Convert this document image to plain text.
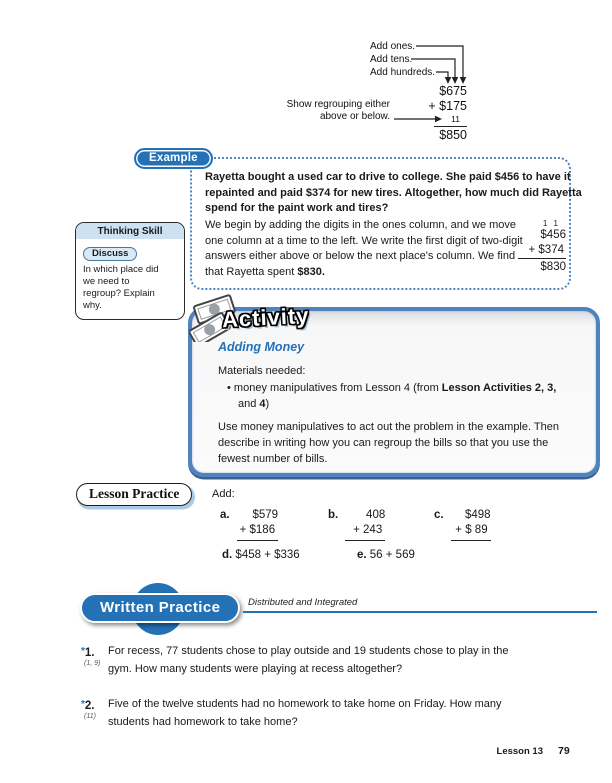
Add ones.
Add tens.
Add hundreds.
Show regrouping either
above or below.
$675
+ $175
11
$850
Example
Rayetta bought a used car to drive to college. She paid $456 to have it repainted and paid $374 for new tires. Altogether, how much did Rayetta spend for the paint work and tires?
We begin by adding the digits in the ones column, and we move one column at a time to the left. We write the first digit of two-digit answers either above or below the next place's column. We find that Rayetta spent $830.
1 1
$456
+ $374
$830
Thinking Skill
Discuss
In which place did we need to regroup? Explain why.	Activity
Adding Money
Materials needed:
• money manipulatives from Lesson 4 (from Lesson Activities 2, 3, and 4)
Use money manipulatives to act out the problem in the example. Then describe in writing how you can regroup the bills so that you use the fewest number of bills.
Lesson Practice	Add:
a.	$579
+ $186
b.	408
+ 243
c.	$498
+ $ 89
d. $458 + $336	e. 56 + 569
Written Practice	Distributed and Integrated
*1.
(1, 9)
For recess, 77 students chose to play outside and 19 students chose to play in the gym. How many students were playing at recess altogether?
*2.
(11)
Five of the twelve students had no homework to take home on Friday. How many students had homework to take home?
Lesson 13 79
